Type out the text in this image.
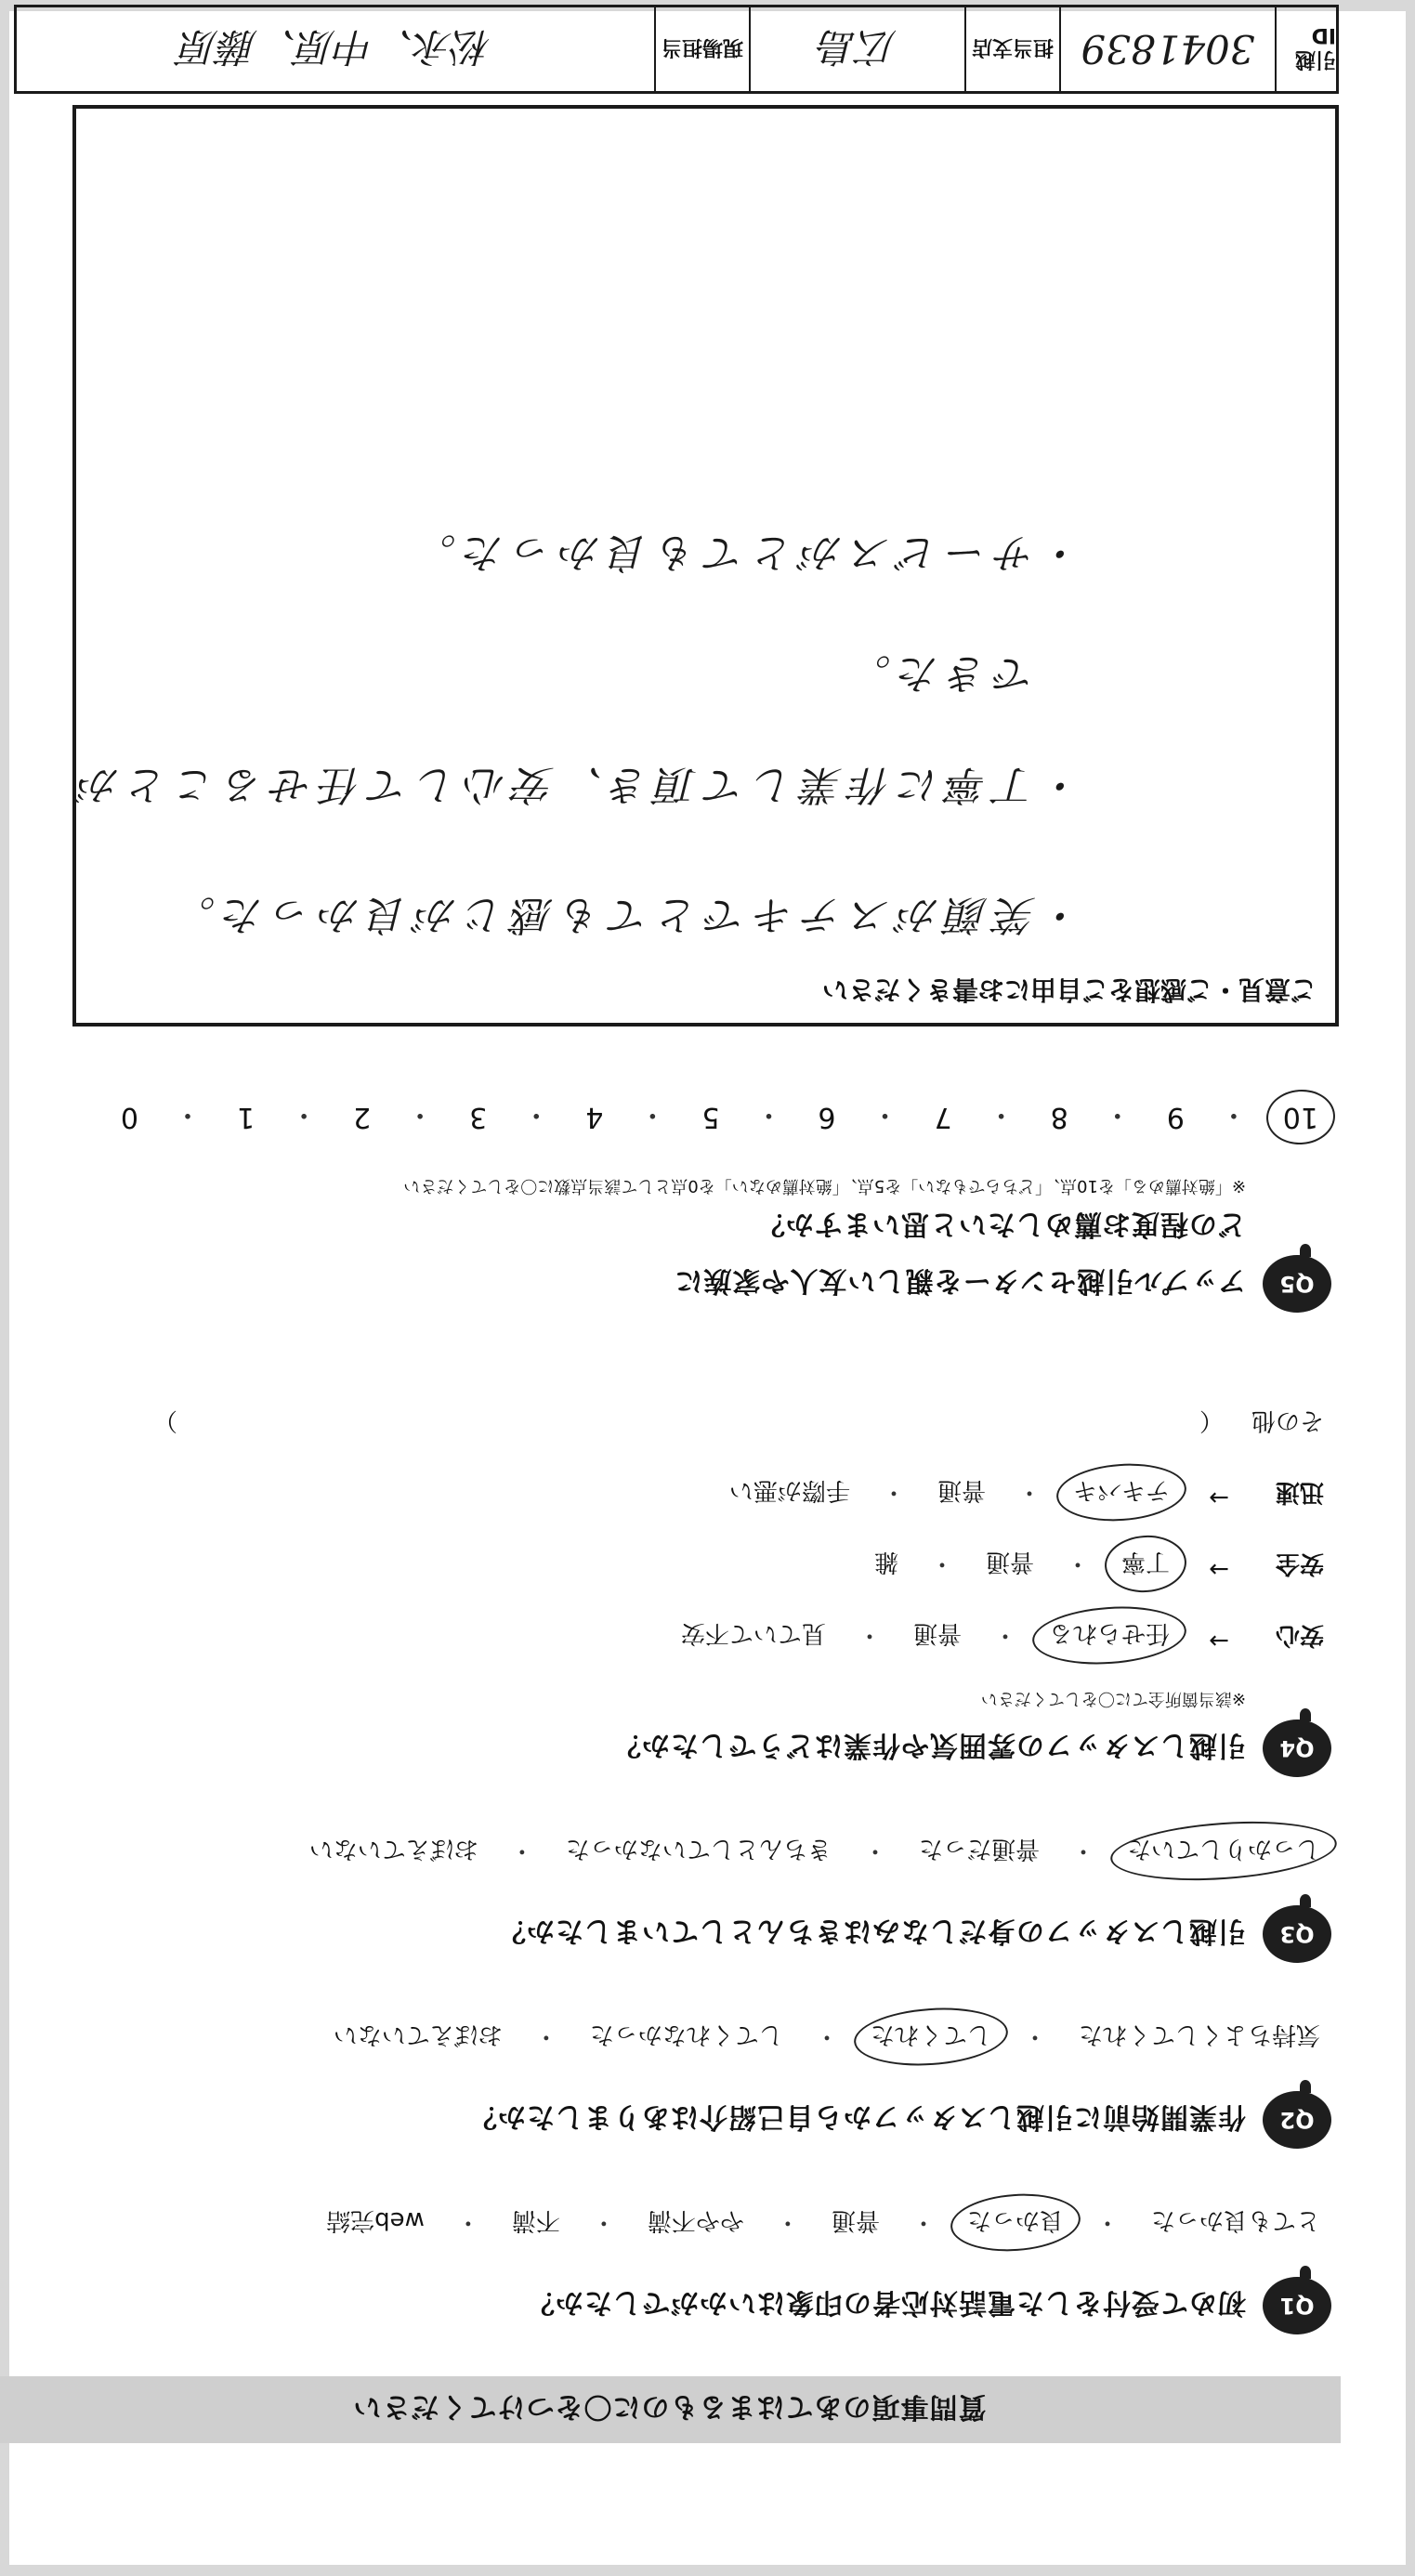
質問事項のあてはまるものに〇をつけてください
Q1
初めて受付をした電話対応者の印象はいかがでしたか？
とても良かった
・
良かった
・
普通
・
やや不満
・
不満
・
web完結
Q2
作業開始前に引越しスタッフから自己紹介はありましたか？
気持ちよくしてくれた
・
してくれた
・
してくれなかった
・
おぼえていない
Q3
引越しスタッフの身だしなみはきちんとしていましたか？
しっかりしていた
・
普通だった
・
きちんとしていなかった
・
おぼえていない
Q4
引越しスタッフの雰囲気や作業はどうでしたか？
※該当箇所全てに〇をしてください
安心
→
任せられる
・
普通
・
見ていて不安
安全
→
丁寧
・
普通
・
雑
迅速
→
テキパキ
・
普通
・
手際が悪い
その他
（
）
Q5
アップル引越センターを親しい友人や家族に
どの程度お薦めしたいと思いますか？
※「絶対薦める」を10点、「どちらでもない」を5点、「絶対薦めない」を0点として該当点数に〇をしてください
10
・
9
・
8
・
7
・
6
・
5
・
4
・
3
・
2
・
1
・
0
ご意見・ご感想をご自由にお書きください
・笑顔がステキでとても感じが良かった。
・丁寧に作業して頂き、安心して任せることが
　できた。
・サービスがとても良かった。
引越ID
3041839
担当支店
広島
現場担当
松永、中原、藤原
